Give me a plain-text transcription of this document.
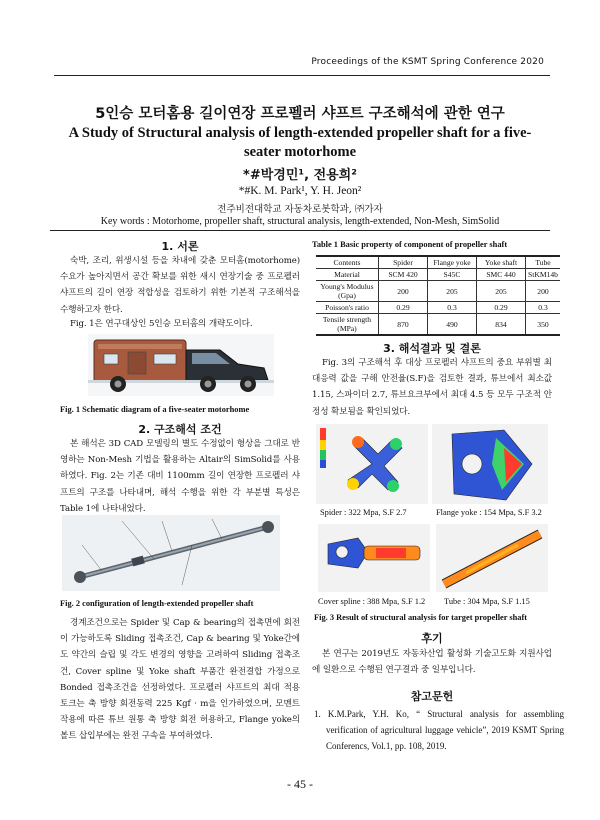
Proceedings of the KSMT Spring Conference 2020
5인승 모터홈용 길이연장 프로펠러 샤프트 구조해석에 관한 연구
A Study of Structural analysis of length-extended propeller shaft for a five-seater motorhome
*#박경민¹, 전용희²
*#K. M. Park¹, Y. H. Jeon²
전주비전대학교 자동차로봇학과, ㈜가자
Key words : Motorhome, propeller shaft, structural analysis, length-extended, Non-Mesh, SimSolid
1. 서론
숙박, 조리, 위생시설 등을 차내에 갖춘 모터홈(motorhome) 수요가 높아지면서 공간 확보를 위한 새시 연장기술 중 프로펠러 샤프트의 길이 연장 적합성을 검토하기 위한 기본적 구조해석을 수행하고자 한다.
Fig. 1은 연구대상인 5인승 모터홈의 개략도이다.
Fig. 1 Schematic diagram of a five-seater motorhome
2. 구조해석 조건
본 해석은 3D CAD 모델링의 별도 수정없이 형상을 그대로 반영하는 Non-Mesh 기법을 활용하는 Altair의 SimSolid를 사용하였다. Fig. 2는 기존 대비 1100mm 길이 연장한 프로펠러 샤프트의 구조를 나타내며, 해석 수행을 위한 각 부분별 특성은 Table 1에 나타내었다.
Fig. 2 configuration of length-extended propeller shaft
경계조건으로는 Spider 및 Cap & bearing의 접촉면에 회전이 가능하도록 Sliding 접촉조건, Cap & bearing 및 Yoke간에도 약간의 슬립 및 각도 변경의 영향을 고려하여 Sliding 접촉조건, Cover spline 및 Yoke shaft 부품간 완전결합 가정으로 Bonded 접촉조건을 선정하였다. 프로펠러 샤프트의 최대 적용 토크는 축 방향 회전동력 225 Kgf · m을 인가하였으며, 모멘트 작용에 따른 튜브 원통 축 방향 회전 허용하고, Flange yoke의 볼트 삽입부에는 완전 구속을 부여하였다.
Table 1 Basic property of component of propeller shaft
Contents	Spider	Flange yoke	Yoke shaft	Tube
Material	SCM 420	S45C	SMC 440	StKM14b
Young's Modulus (Gpa)	200	205	205	200
Poisson's ratio	0.29	0.3	0.29	0.3
Tensile strength (MPa)	870	490	834	350
3. 해석결과 및 결론
Fig. 3의 구조해석 후 대상 프로펠러 샤프트의 중요 부위별 최대응력 값을 구해 안전율(S.F)을 검토한 결과, 튜브에서 최소값 1.15, 스파이더 2.7, 튜브요크부에서 최대 4.5 등 모두 구조적 안정성 확보됨을 확인되었다.
Spider : 322 Mpa, S.F 2.7	Flange yoke : 154 Mpa, S.F 3.2
Cover spline : 388 Mpa, S.F 1.2 Tube : 304 Mpa, S.F 1.15
Fig. 3 Result of structural analysis for target propeller shaft
후기
본 연구는 2019년도 자동차산업 활성화 기술고도화 지원사업에 일환으로 수행된 연구결과 중 일부입니다.
참고문헌
1. K.M.Park, Y.H. Ko, “ Structural analysis for assembling verification of agricultural luggage vehicle”, 2019 KSMT Spring Conferencs, Vol.1, pp. 108, 2019.
- 45 -
